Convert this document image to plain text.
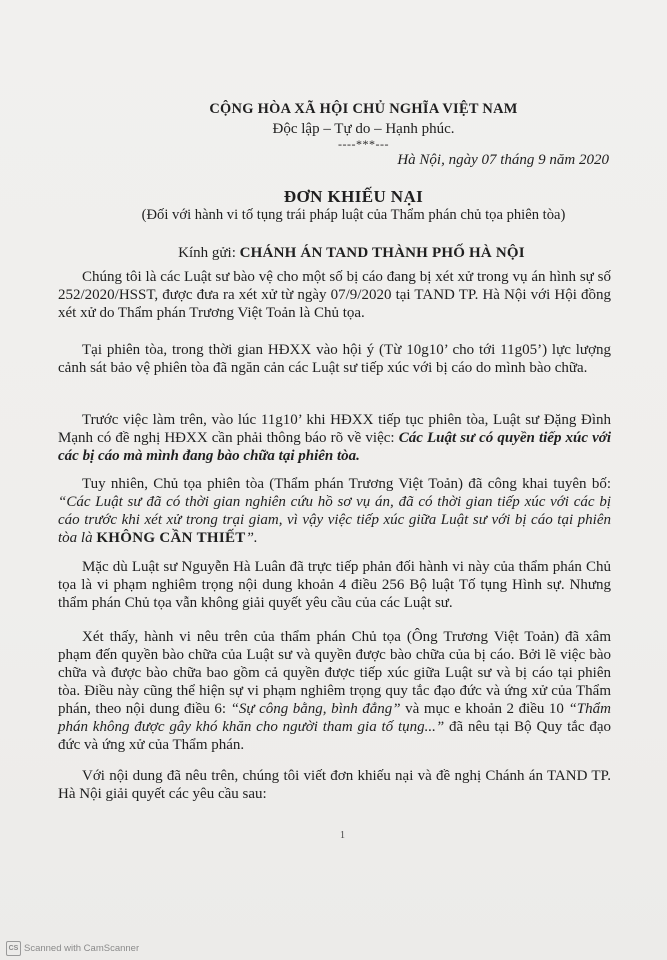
CỘNG HÒA XÃ HỘI CHỦ NGHĨA VIỆT NAM
Độc lập – Tự do – Hạnh phúc.
----***---
Hà Nội, ngày 07 tháng 9 năm 2020
ĐƠN KHIẾU NẠI
(Đối với hành vi tố tụng trái pháp luật của Thẩm phán chủ tọa phiên tòa)
Kính gửi: CHÁNH ÁN TAND THÀNH PHỐ HÀ NỘI
Chúng tôi là các Luật sư bào vệ cho một số bị cáo đang bị xét xử trong vụ án hình sự số 252/2020/HSST, được đưa ra xét xử từ ngày 07/9/2020 tại TAND TP. Hà Nội với Hội đồng xét xử do Thẩm phán Trương Việt Toản là Chủ tọa.
Tại phiên tòa, trong thời gian HĐXX vào hội ý (Từ 10g10’ cho tới 11g05’) lực lượng cảnh sát bảo vệ phiên tòa đã ngăn cản các Luật sư tiếp xúc với bị cáo do mình bào chữa.
Trước việc làm trên, vào lúc 11g10’ khi HĐXX tiếp tục phiên tòa, Luật sư Đặng Đình Mạnh có đề nghị HĐXX cần phải thông báo rõ về việc: Các Luật sư có quyền tiếp xúc với các bị cáo mà mình đang bào chữa tại phiên tòa.
Tuy nhiên, Chủ tọa phiên tòa (Thẩm phán Trương Việt Toản) đã công khai tuyên bố: “Các Luật sư đã có thời gian nghiên cứu hồ sơ vụ án, đã có thời gian tiếp xúc với các bị cáo trước khi xét xử trong trại giam, vì vậy việc tiếp xúc giữa Luật sư với bị cáo tại phiên tòa là KHÔNG CẦN THIẾT”.
Mặc dù Luật sư Nguyễn Hà Luân đã trực tiếp phản đối hành vi này của thẩm phán Chủ tọa là vi phạm nghiêm trọng nội dung khoản 4 điều 256 Bộ luật Tố tụng Hình sự. Nhưng thẩm phán Chủ tọa vẫn không giải quyết yêu cầu của các Luật sư.
Xét thấy, hành vi nêu trên của thẩm phán Chủ tọa (Ông Trương Việt Toản) đã xâm phạm đến quyền bào chữa của Luật sư và quyền được bào chữa của bị cáo. Bởi lẽ việc bào chữa và được bào chữa bao gồm cả quyền được tiếp xúc giữa Luật sư và bị cáo tại phiên tòa. Điều này cũng thể hiện sự vi phạm nghiêm trọng quy tắc đạo đức và ứng xử của Thẩm phán, theo nội dung điều 6: “Sự công bằng, bình đẳng” và mục e khoản 2 điều 10 “Thẩm phán không được gây khó khăn cho người tham gia tố tụng...” đã nêu tại Bộ Quy tắc đạo đức và ứng xử của Thẩm phán.
Với nội dung đã nêu trên, chúng tôi viết đơn khiếu nại và đề nghị Chánh án TAND TP. Hà Nội giải quyết các yêu cầu sau:
1
CS Scanned with CamScanner
